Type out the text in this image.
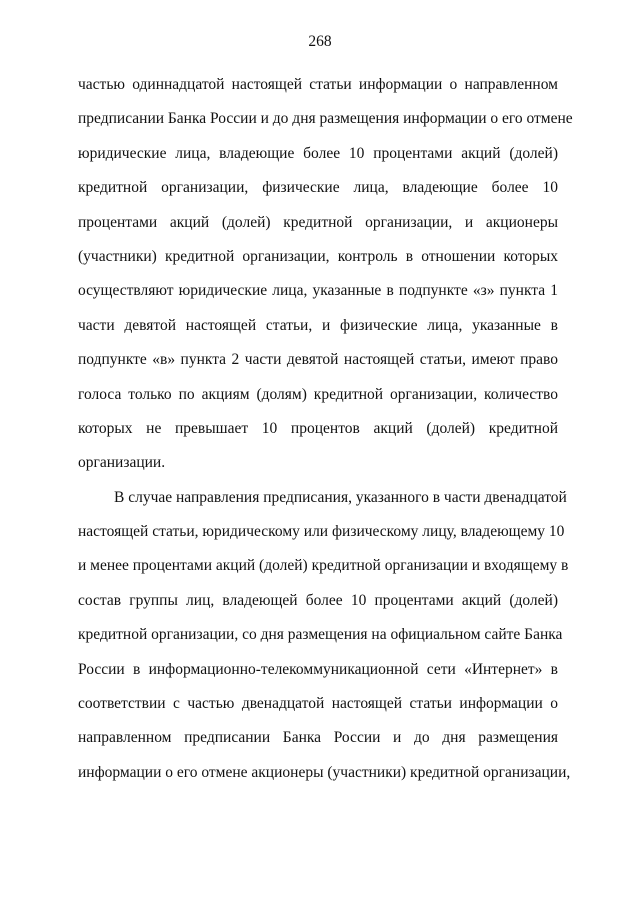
268
частью одиннадцатой настоящей статьи информации о направленном
предписании Банка России и до дня размещения информации о его отмене
юридические лица, владеющие более 10 процентами акций (долей)
кредитной организации, физические лица, владеющие более 10
процентами акций (долей) кредитной организации, и акционеры
(участники) кредитной организации, контроль в отношении которых
осуществляют юридические лица, указанные в подпункте «з» пункта 1
части девятой настоящей статьи, и физические лица, указанные в
подпункте «в» пункта 2 части девятой настоящей статьи, имеют право
голоса только по акциям (долям) кредитной организации, количество
которых не превышает 10 процентов акций (долей) кредитной
организации.
В случае направления предписания, указанного в части двенадцатой
настоящей статьи, юридическому или физическому лицу, владеющему 10
и менее процентами акций (долей) кредитной организации и входящему в
состав группы лиц, владеющей более 10 процентами акций (долей)
кредитной организации, со дня размещения на официальном сайте Банка
России в информационно-телекоммуникационной сети «Интернет» в
соответствии с частью двенадцатой настоящей статьи информации о
направленном предписании Банка России и до дня размещения
информации о его отмене акционеры (участники) кредитной организации,
